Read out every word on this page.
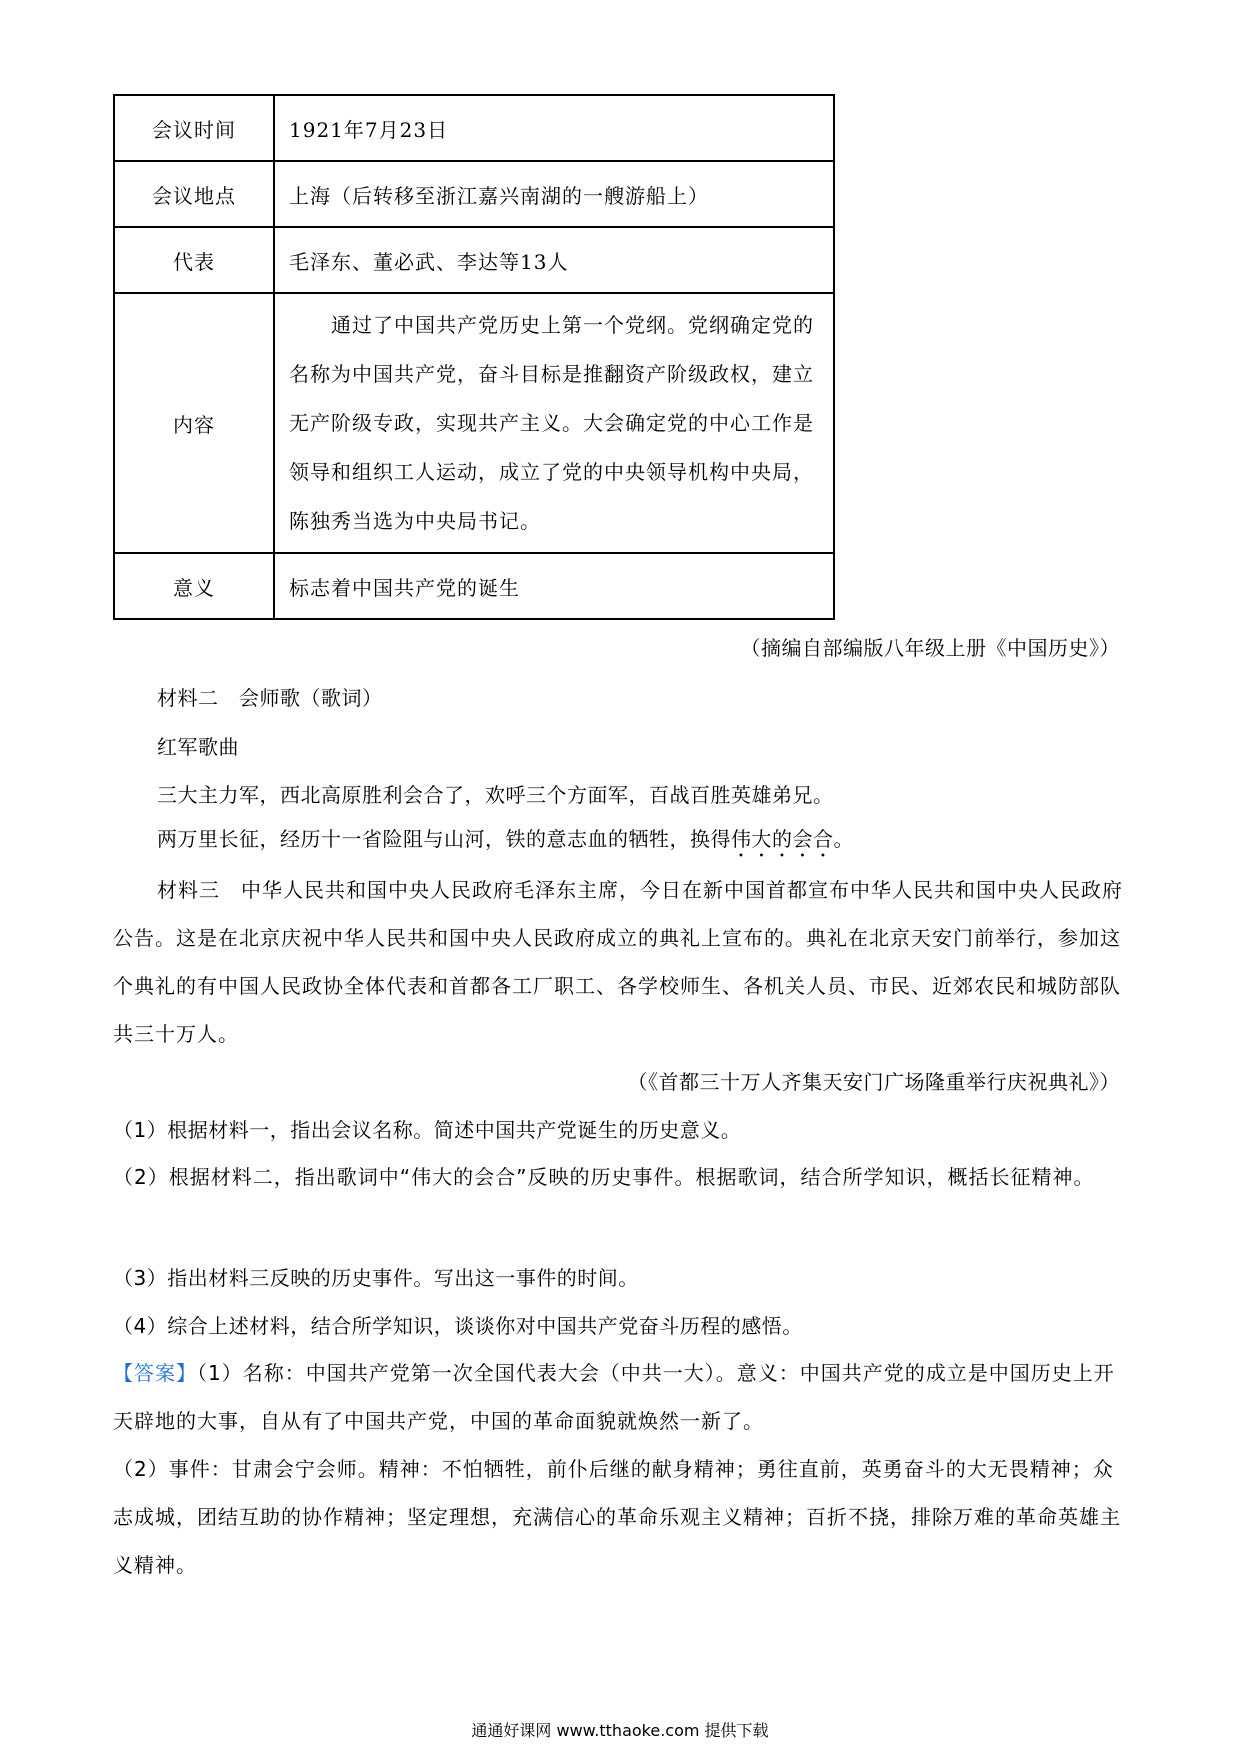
会议时间	1921年7月23日
会议地点	上海（后转移至浙江嘉兴南湖的一艘游船上）
代表	毛泽东、董必武、李达等13人
内容	通过了中国共产党历史上第一个党纲。党纲确定党的名称为中国共产党，奋斗目标是推翻资产阶级政权，建立无产阶级专政，实现共产主义。大会确定党的中心工作是领导和组织工人运动，成立了党的中央领导机构中央局，陈独秀当选为中央局书记。

意义	标志着中国共产党的诞生
（摘编自部编版八年级上册《中国历史》）
材料二　会师歌（歌词）
红军歌曲
三大主力军，西北高原胜利会合了，欢呼三个方面军，百战百胜英雄弟兄。
两万里长征，经历十一省险阻与山河，铁的意志血的牺牲，换得伟大的会合。
材料三　中华人民共和国中央人民政府毛泽东主席，今日在新中国首都宣布中华人民共和国中央人民政府公告。这是在北京庆祝中华人民共和国中央人民政府成立的典礼上宣布的。典礼在北京天安门前举行，参加这个典礼的有中国人民政协全体代表和首都各工厂职工、各学校师生、各机关人员、市民、近郊农民和城防部队共三十万人。
（《首都三十万人齐集天安门广场隆重举行庆祝典礼》）
（1）根据材料一，指出会议名称。简述中国共产党诞生的历史意义。
（2）根据材料二，指出歌词中“伟大的会合”反映的历史事件。根据歌词，结合所学知识，概括长征精神。
（3）指出材料三反映的历史事件。写出这一事件的时间。
（4）综合上述材料，结合所学知识，谈谈你对中国共产党奋斗历程的感悟。
【答案】（1）名称：中国共产党第一次全国代表大会（中共一大）。意义：中国共产党的成立是中国历史上开天辟地的大事，自从有了中国共产党，中国的革命面貌就焕然一新了。
（2）事件：甘肃会宁会师。精神：不怕牺牲，前仆后继的献身精神；勇往直前，英勇奋斗的大无畏精神；众志成城，团结互助的协作精神；坚定理想，充满信心的革命乐观主义精神；百折不挠，排除万难的革命英雄主义精神。
通通好课网 www.tthaoke.com 提供下载
